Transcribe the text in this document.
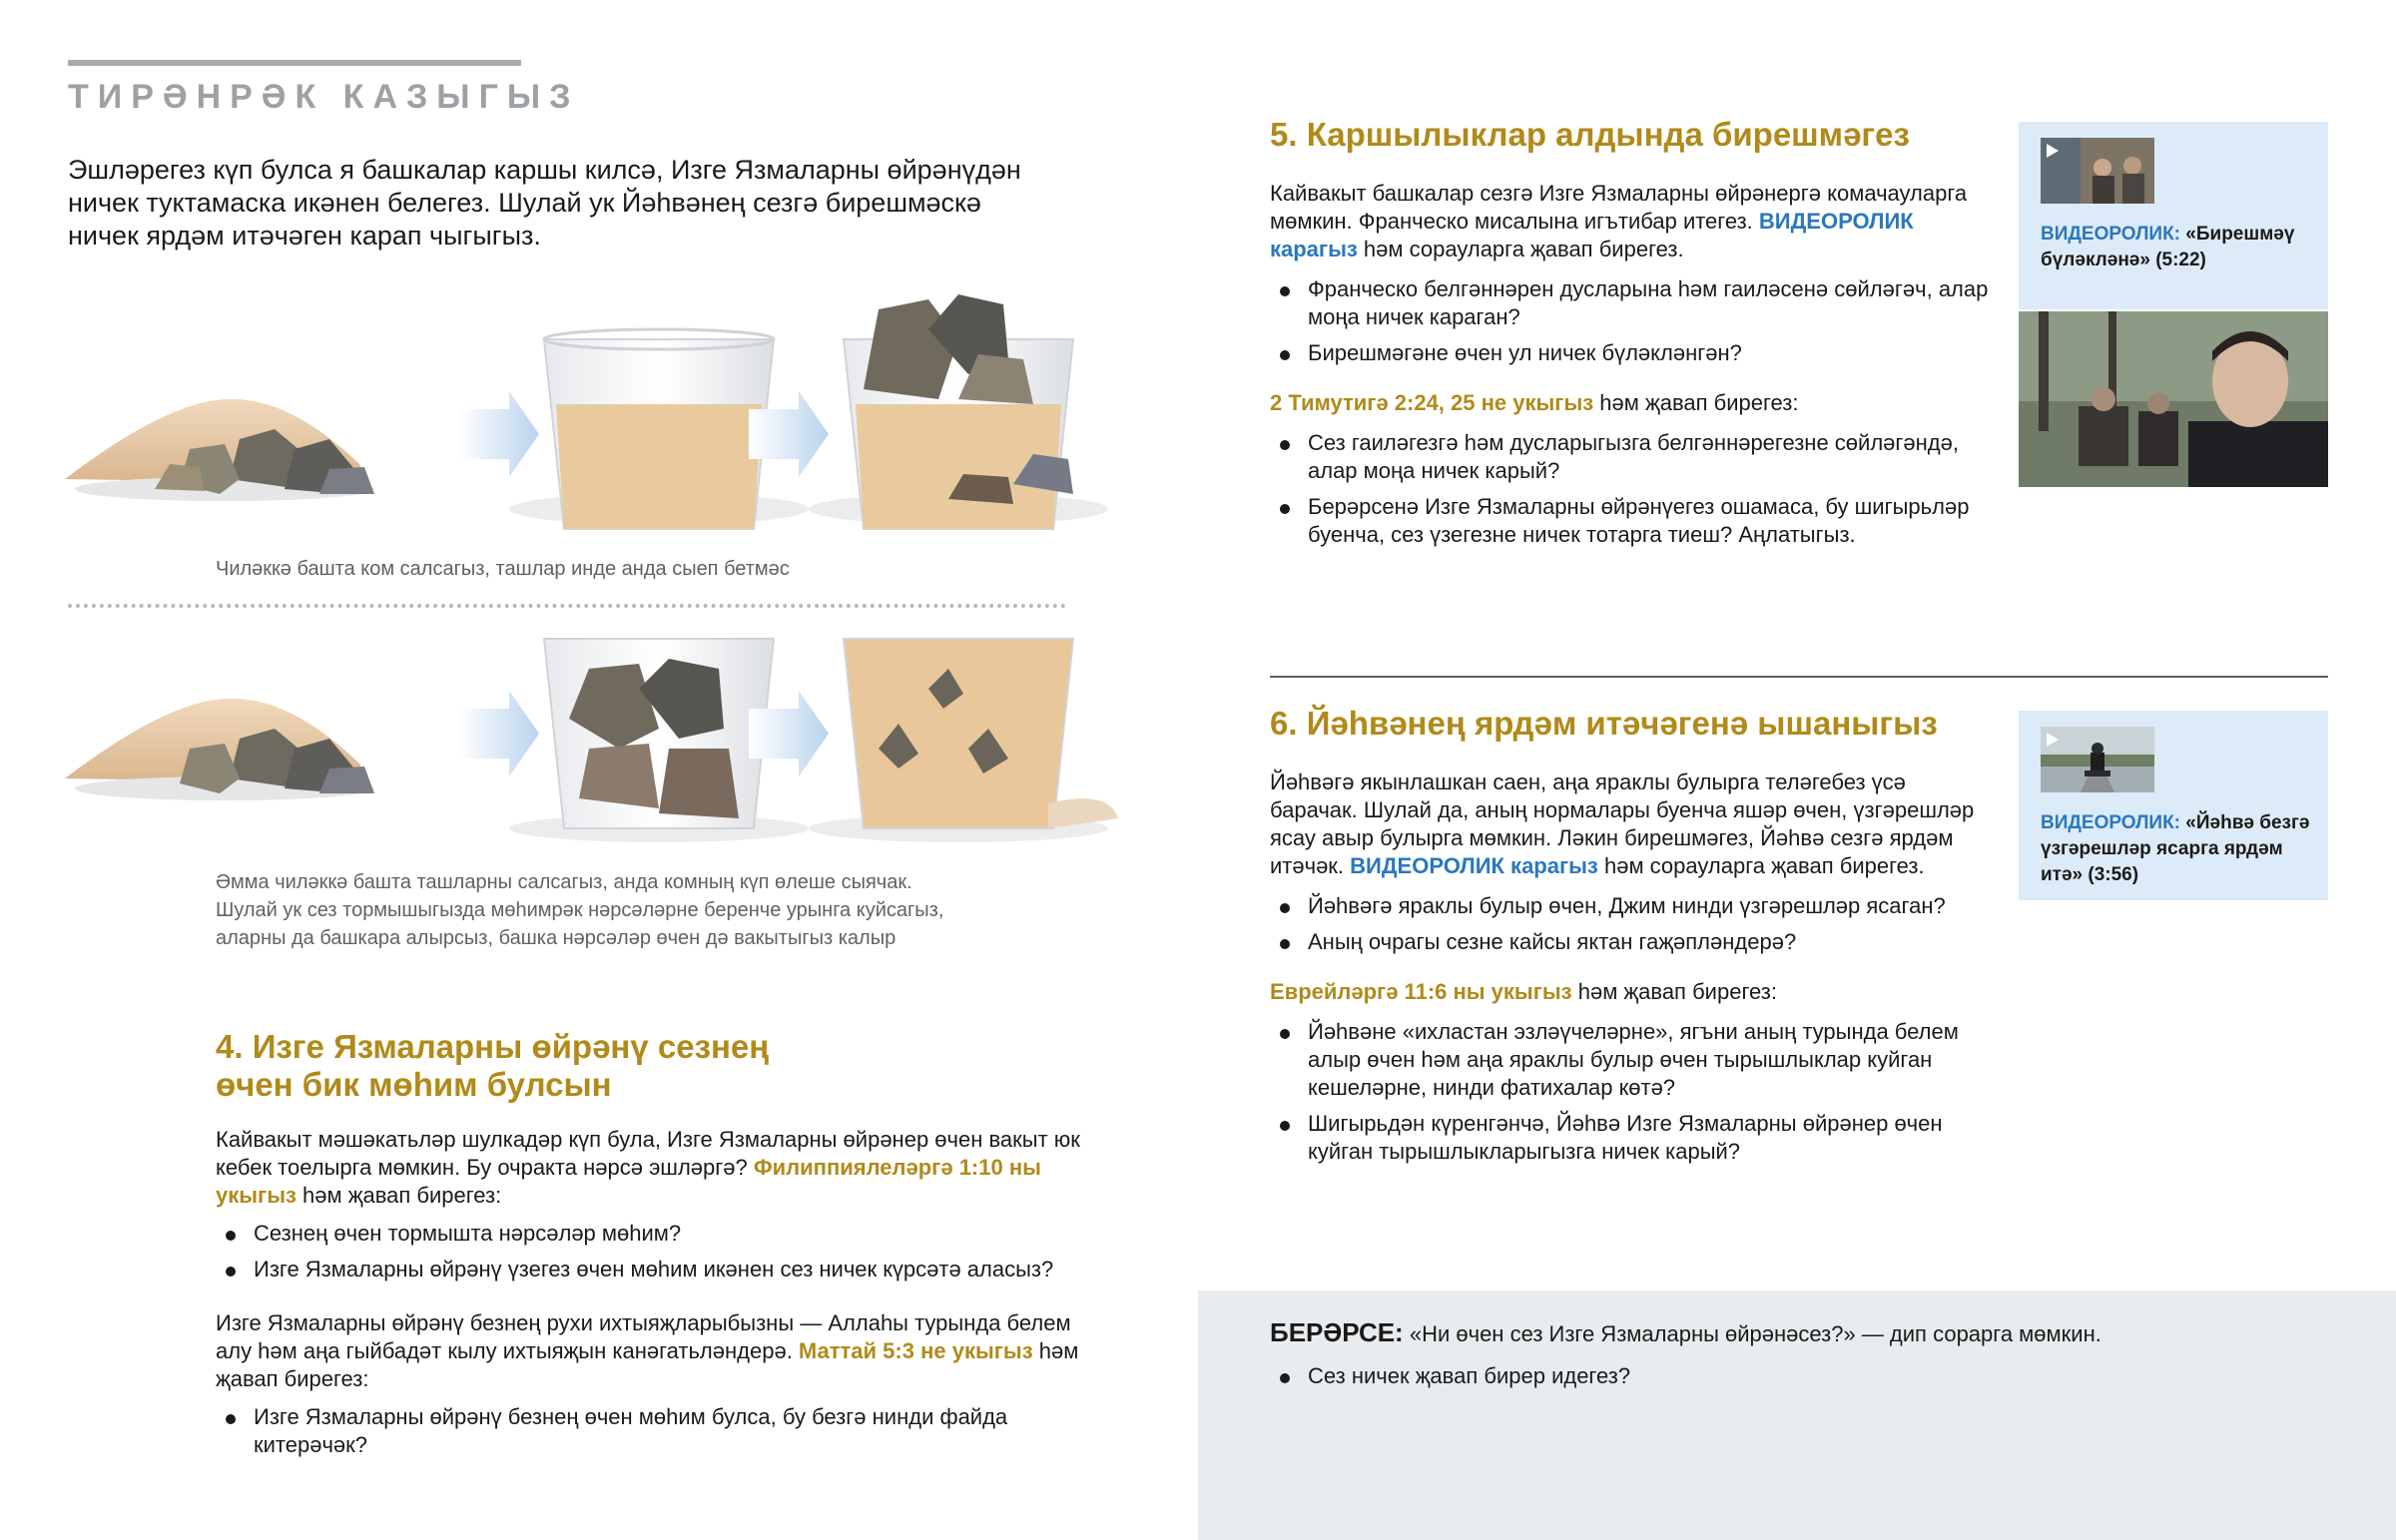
ТИРӘНРӘК КАЗЫГЫЗ

Эшләрегез күп булса я башкалар каршы килсә, Изге Язмаларны өйрәнүдән ничек туктамаска икәнен белегез. Шулай ук Йәһвәнең сезгә бирешмәскә ничек ярдәм итәчәген карап чыгыгыз.

Чиләккә башта ком салсагыз, ташлар инде анда сыеп бетмәс
Әмма чиләккә башта ташларны салсагыз, анда комның күп өлеше сыячак.
Шулай ук сез тормышыгызда мөһимрәк нәрсәләрне беренче урынга куйсагыз,
аларны да башкара алырсыз, башка нәрсәләр өчен дә вакытыгыз калыр
4. Изге Язмаларны өйрәнү сезнең
өчен бик мөһим булсын

Кайвакыт мәшәкатьләр шулкадәр күп була, Изге Язмаларны өйрәнер өчен вакыт юк кебек тоелырга мөмкин. Бу очракта нәрсә эшләргә? Филиппиялеләргә 1:10 ны укыгыз һәм җавап бирегез:

Сезнең өчен тормышта нәрсәләр мөһим?
Изге Язмаларны өйрәнү үзегез өчен мөһим икәнен сез ничек күрсәтә аласыз?

Изге Язмаларны өйрәнү безнең рухи ихтыяҗларыбызны — Аллаһы турында белем алу һәм аңа гыйбадәт кылу ихтыяҗын канәгатьләндерә. Маттай 5:3 не укыгыз һәм җавап бирегез:

Изге Язмаларны өйрәнү безнең өчен мөһим булса, бу безгә нинди файда китерәчәк?
5. Каршылыклар алдында бирешмәгез

Кайвакыт башкалар сезгә Изге Язмаларны өйрәнергә комачауларга мөмкин. Франческо мисалына игътибар итегез. ВИДЕОРОЛИК карагыз һәм сорауларга җавап бирегез.

Франческо белгәннәрен дусларына һәм гаиләсенә сөйләгәч, алар моңа ничек караган?
Бирешмәгәне өчен ул ничек бүләкләнгән?

2 Тимутигә 2:24, 25 не укыгыз һәм җавап бирегез:

Сез гаиләгезгә һәм дусларыгызга белгәннәрегезне сөйләгәндә, алар моңа ничек карый?
Берәрсенә Изге Язмаларны өйрәнүегез ошамаса, бу шигырьләр буенча, сез үзегезне ничек тотарга тиеш? Аңлатыгыз.
ВИДЕОРОЛИК: «Бирешмәү бүләкләнә» (5:22)
6. Йәһвәнең ярдәм итәчәгенә ышаныгыз

Йәһвәгә якынлашкан саен, аңа яраклы булырга теләгебез үсә барачак. Шулай да, аның нормалары буенча яшәр өчен, үзгәрешләр ясау авыр булырга мөмкин. Ләкин бирешмәгез, Йәһвә сезгә ярдәм итәчәк. ВИДЕОРОЛИК карагыз һәм сорауларга җавап бирегез.

Йәһвәгә яраклы булыр өчен, Джим нинди үзгәрешләр ясаган?
Аның очрагы сезне кайсы яктан гаҗәпләндерә?

Еврейләргә 11:6 ны укыгыз һәм җавап бирегез:

Йәһвәне «ихластан эзләүчеләрне», ягъни аның турында белем алыр өчен һәм аңа яраклы булыр өчен тырышлыклар куйган кешеләрне, нинди фатихалар көтә?
Шигырьдән күренгәнчә, Йәһвә Изге Язмаларны өйрәнер өчен куйган тырышлыкларыгызга ничек карый?
ВИДЕОРОЛИК: «Йәһвә безгә үзгәрешләр ясарга ярдәм итә» (3:56)

БЕРӘРСЕ: «Ни өчен сез Изге Язмаларны өйрәнәсез?» — дип сорарга мөмкин.

Сез ничек җавап бирер идегез?
